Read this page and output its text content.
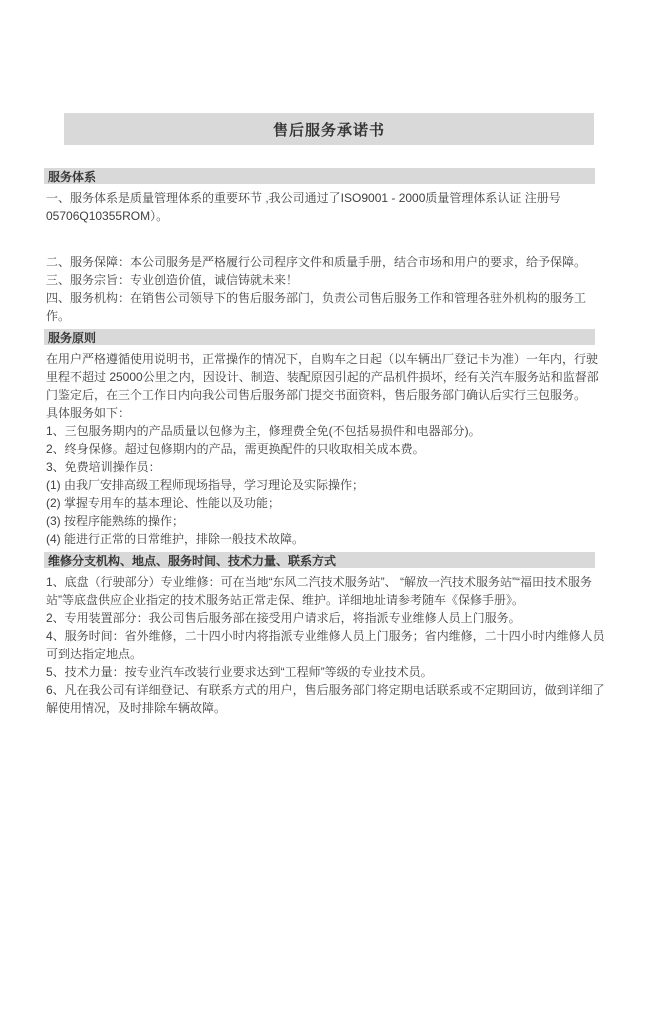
售后服务承诺书
服务体系

一、服务体系是质量管理体系的重要环节 ,我公司通过了ISO9001 - 2000质量管理体系认证 注册号05706Q10355ROM）。

二、服务保障：本公司服务是严格履行公司程序文件和质量手册，结合市场和用户的要求，给予保障。

三、服务宗旨：专业创造价值，诚信铸就未来！

四、服务机构：在销售公司领导下的售后服务部门，负责公司售后服务工作和管理各驻外机构的服务工作。

服务原则

在用户严格遵循使用说明书，正常操作的情况下，自购车之日起（以车辆出厂登记卡为准）一年内，行驶里程不超过 25000公里之内，因设计、制造、装配原因引起的产品机件损坏，经有关汽车服务站和监督部门鉴定后，在三个工作日内向我公司售后服务部门提交书面资料，售后服务部门确认后实行三包服务。

具体服务如下：

1、三包服务期内的产品质量以包修为主，修理费全免(不包括易损件和电器部分)。

2、终身保修。超过包修期内的产品，需更换配件的只收取相关成本费。

3、免费培训操作员：

(1) 由我厂安排高级工程师现场指导，学习理论及实际操作；

(2) 掌握专用车的基本理论、性能以及功能；

(3) 按程序能熟练的操作；

(4) 能进行正常的日常维护，排除一般技术故障。

维修分支机构、地点、服务时间、技术力量、联系方式

1、底盘（行驶部分）专业维修：可在当地“东风二汽技术服务站”、 “解放一汽技术服务站”“福田技术服务站”等底盘供应企业指定的技术服务站正常走保、维护。详细地址请参考随车《保修手册》。

2、专用装置部分：我公司售后服务部在接受用户请求后，将指派专业维修人员上门服务。

4、服务时间：省外维修，二十四小时内将指派专业维修人员上门服务；省内维修，二十四小时内维修人员可到达指定地点。

5、技术力量：按专业汽车改装行业要求达到“工程师”等级的专业技术员。

6、凡在我公司有详细登记、有联系方式的用户，售后服务部门将定期电话联系或不定期回访，做到详细了解使用情况，及时排除车辆故障。
